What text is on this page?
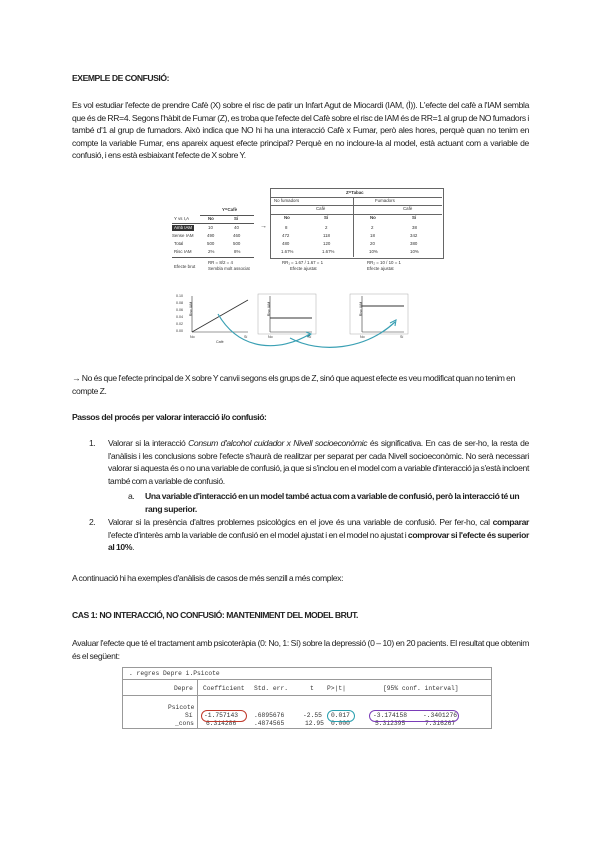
EXEMPLE DE CONFUSIÓ:
Es vol estudiar l'efecte de prendre Cafè (X) sobre el risc de patir un Infart Agut de Miocardi (IAM, (Ì)). L'efecte del cafè a l'IAM sembla que és de RR=4. Segons l'hàbit de Fumar (Z), es troba que l'efecte del Cafè sobre el risc de IAM és de RR=1 al grup de NO fumadors i també d'1 al grup de fumadors. Això indica que NO hi ha una interacció Cafè x Fumar, però ales hores, perquè quan no tenim en compte la variable Fumar, ens apareix aquest efecte principal? Perquè en no incloure-la al model, està actuant com a variable de confusió, i ens està esbiaixant l'efecte de X sobre Y.
Y=Cafè
Y vs I,A	No	Sí
Amb IAM	10	40
Sense IAM	490	460
Total	500	500
Risc IAM	2%	8%
Efecte brut
RR = 8/2 = 4
Sembla molt associat
→
Z=Tabac
No fumadors	Fumadors
Cafè	Cafè
No	Sí	No	Sí
8	2	2	38
472	118	18	342
480	120	20	380
1.67%	1.67%	10%	10%
RR₁ = 1.67 / 1.67 = 1
Efecte ajustat
RR₂ = 10 / 10 = 1
Efecte ajustat
0.10
0.08
0.06
0.04
0.02
0.00
Risc IAM	Risc IAM	Risc IAM
No	Sí
Cafè
No	Sí	No	Sí
→ No és que l'efecte principal de X sobre Y canvii segons els grups de Z, sinó que aquest efecte es veu modificat quan no tenim en compte Z.
Passos del procés per valorar interacció i/o confusió:
1. Valorar si la interacció Consum d'alcohol cuidador x Nivell socioeconòmic és significativa. En cas de ser-ho, la resta de l'anàlisis i les conclusions sobre l'efecte s'haurà de realitzar per separat per cada Nivell socioeconòmic. No serà necessari valorar si aquesta és o no una variable de confusió, ja que si s'inclou en el model com a variable d'interacció ja s'està incloent també com a variable de confusió.
a. Una variable d'interacció en un model també actua com a variable de confusió, però la interacció té un rang superior.
2. Valorar si la presència d'altres problemes psicològics en el jove és una variable de confusió. Per fer-ho, cal comparar l'efecte d'interès amb la variable de confusió en el model ajustat i en el model no ajustat i comprovar si l'efecte és superior al 10%.
A continuació hi ha exemples d'anàlisis de casos de més senzill a més complex:
CAS 1: NO INTERACCIÓ, NO CONFUSIÓ: MANTENIMENT DEL MODEL BRUT.
Avaluar l'efecte que té el tractament amb psicoteràpia (0: No, 1: Sí) sobre la depressió (0 – 10) en 20 pacients. El resultat que obtenim és el següent:
. regres Depre i.Psicote
Depre Coefficient Std. err.	t P>|t|	[95% conf. interval]
Psicote
Sí -1.757143	.6895676	-2.55 0.017	-3.174158	-.3401276
_cons 6.314286	.4874565	12.95 0.000	5.312395	7.316267
